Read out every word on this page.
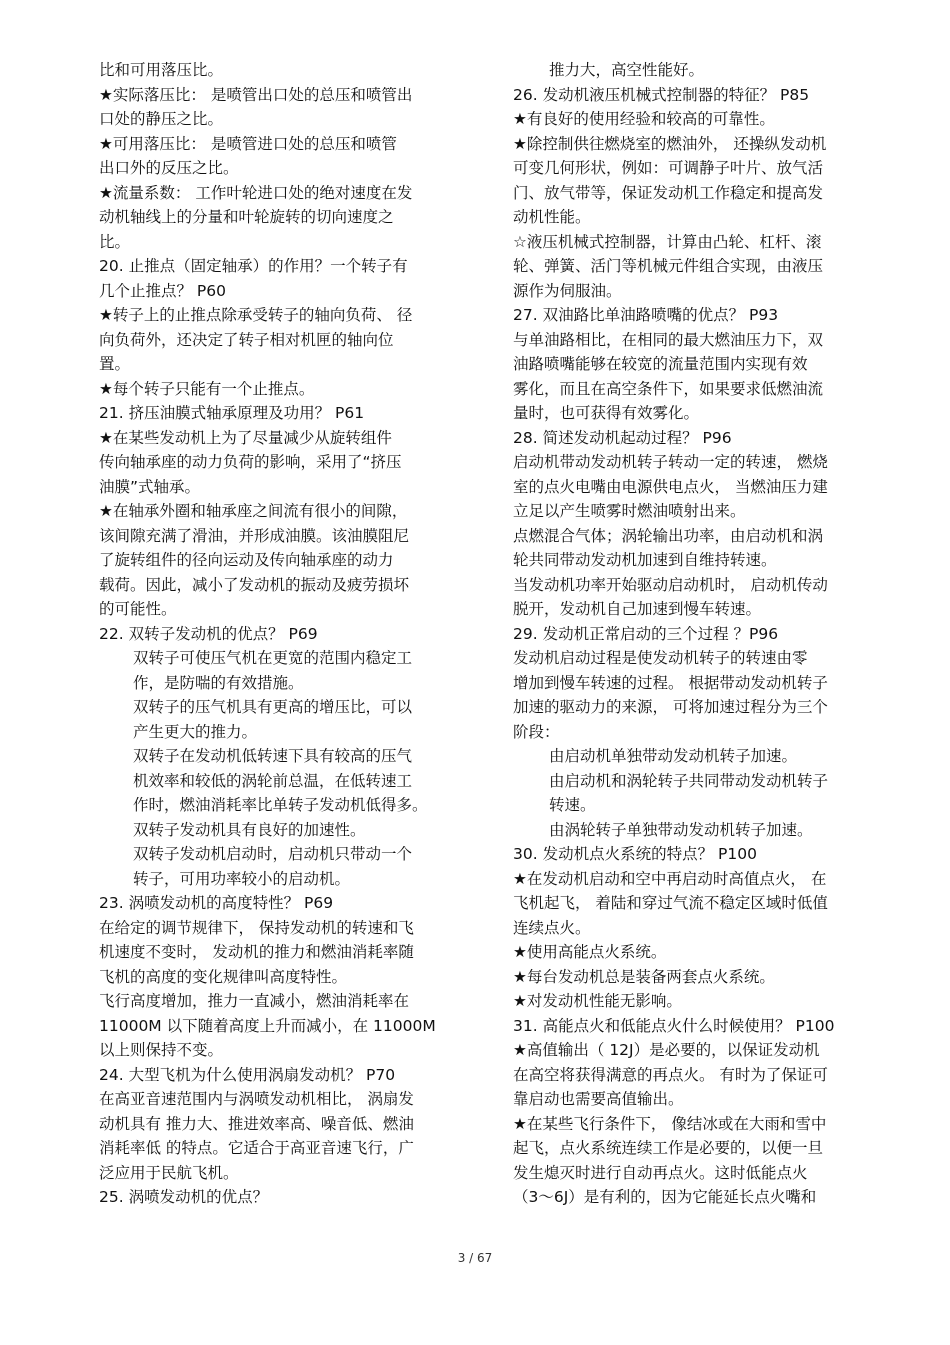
比和可用落压比。
★实际落压比： 是喷管出口处的总压和喷管出
口处的静压之比。
★可用落压比： 是喷管进口处的总压和喷管
出口外的反压之比。
★流量系数： 工作叶轮进口处的绝对速度在发
动机轴线上的分量和叶轮旋转的切向速度之
比。
20. 止推点（固定轴承）的作用？一个转子有
几个止推点？ P60
★转子上的止推点除承受转子的轴向负荷、 径
向负荷外，还决定了转子相对机匣的轴向位
置。
★每个转子只能有一个止推点。
21. 挤压油膜式轴承原理及功用？ P61
★在某些发动机上为了尽量减少从旋转组件
传向轴承座的动力负荷的影响，采用了“挤压
油膜”式轴承。
★在轴承外圈和轴承座之间流有很小的间隙，
该间隙充满了滑油，并形成油膜。该油膜阻尼
了旋转组件的径向运动及传向轴承座的动力
载荷。因此，减小了发动机的振动及疲劳损坏
的可能性。
22. 双转子发动机的优点？ P69
双转子可使压气机在更宽的范围内稳定工
作，是防喘的有效措施。
双转子的压气机具有更高的增压比，可以
产生更大的推力。
双转子在发动机低转速下具有较高的压气
机效率和较低的涡轮前总温，在低转速工
作时，燃油消耗率比单转子发动机低得多。
双转子发动机具有良好的加速性。
双转子发动机启动时，启动机只带动一个
转子，可用功率较小的启动机。
23. 涡喷发动机的高度特性？ P69
在给定的调节规律下， 保持发动机的转速和飞
机速度不变时， 发动机的推力和燃油消耗率随
飞机的高度的变化规律叫高度特性。
飞行高度增加，推力一直减小，燃油消耗率在
11000M 以下随着高度上升而减小，在 11000M
以上则保持不变。
24. 大型飞机为什么使用涡扇发动机？ P70
在高亚音速范围内与涡喷发动机相比， 涡扇发
动机具有 推力大、推进效率高、噪音低、燃油
消耗率低 的特点。它适合于高亚音速飞行，广
泛应用于民航飞机。
25. 涡喷发动机的优点？
推力大，高空性能好。
26. 发动机液压机械式控制器的特征？ P85
★有良好的使用经验和较高的可靠性。
★除控制供往燃烧室的燃油外， 还操纵发动机
可变几何形状，例如：可调静子叶片、放气活
门、放气带等，保证发动机工作稳定和提高发
动机性能。
☆液压机械式控制器，计算由凸轮、杠杆、滚
轮、弹簧、活门等机械元件组合实现，由液压
源作为伺服油。
27. 双油路比单油路喷嘴的优点？ P93
与单油路相比，在相同的最大燃油压力下，双
油路喷嘴能够在较宽的流量范围内实现有效
雾化，而且在高空条件下，如果要求低燃油流
量时，也可获得有效雾化。
28. 简述发动机起动过程？ P96
启动机带动发动机转子转动一定的转速， 燃烧
室的点火电嘴由电源供电点火， 当燃油压力建
立足以产生喷雾时燃油喷射出来。
点燃混合气体；涡轮输出功率，由启动机和涡
轮共同带动发动机加速到自维持转速。
当发动机功率开始驱动启动机时， 启动机传动
脱开，发动机自己加速到慢车转速。
29. 发动机正常启动的三个过程 ？P96
发动机启动过程是使发动机转子的转速由零
增加到慢车转速的过程。 根据带动发动机转子
加速的驱动力的来源， 可将加速过程分为三个
阶段：
由启动机单独带动发动机转子加速。
由启动机和涡轮转子共同带动发动机转子
转速。
由涡轮转子单独带动发动机转子加速。
30. 发动机点火系统的特点？ P100
★在发动机启动和空中再启动时高值点火， 在
飞机起飞， 着陆和穿过气流不稳定区域时低值
连续点火。
★使用高能点火系统。
★每台发动机总是装备两套点火系统。
★对发动机性能无影响。
31. 高能点火和低能点火什么时候使用？ P100
★高值输出（ 12J）是必要的，以保证发动机
在高空将获得满意的再点火。 有时为了保证可
靠启动也需要高值输出。
★在某些飞行条件下， 像结冰或在大雨和雪中
起飞，点火系统连续工作是必要的，以便一旦
发生熄灭时进行自动再点火。这时低能点火
（3～6J）是有利的，因为它能延长点火嘴和
3 / 67
